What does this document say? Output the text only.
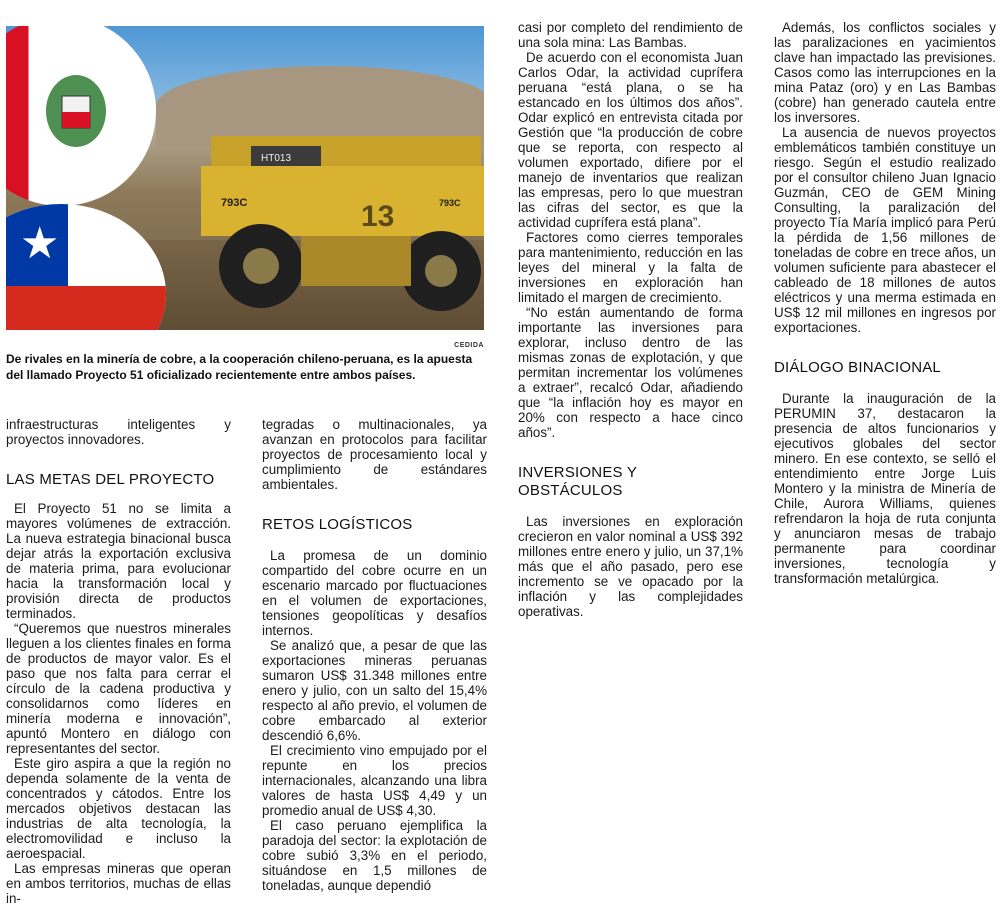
HT013
793C	793C
13
★
CEDIDA
De rivales en la minería de cobre, a la cooperación chileno-peruana, es la apuesta del llamado Proyecto 51 oficializado recientemente entre ambos países.

infraestructuras inteligentes y proyectos innovadores.

LAS METAS DEL PROYECTO

El Proyecto 51 no se limita a mayores volúmenes de extracción. La nueva estrategia binacional busca dejar atrás la exportación exclusiva de materia prima, para evolucionar hacia la transformación local y provisión directa de productos terminados.

“Queremos que nuestros minerales lleguen a los clientes finales en forma de productos de mayor valor. Es el paso que nos falta para cerrar el círculo de la cadena productiva y consolidarnos como líderes en minería moderna e innovación”, apuntó Montero en diálogo con representantes del sector.

Este giro aspira a que la región no dependa solamente de la venta de concentrados y cátodos. Entre los mercados objetivos destacan las industrias de alta tecnología, la electromovilidad e incluso la aeroespacial.

Las empresas mineras que operan en ambos territorios, muchas de ellas in-

tegradas o multinacionales, ya avanzan en protocolos para facilitar proyectos de procesamiento local y cumplimiento de estándares ambientales.

RETOS LOGÍSTICOS

La promesa de un dominio compartido del cobre ocurre en un escenario marcado por fluctuaciones en el volumen de exportaciones, tensiones geopolíticas y desafíos internos.

Se analizó que, a pesar de que las exportaciones mineras peruanas sumaron US$ 31.348 millones entre enero y julio, con un salto del 15,4% respecto al año previo, el volumen de cobre embarcado al exterior descendió 6,6%.

El crecimiento vino empujado por el repunte en los precios internacionales, alcanzando una libra valores de hasta US$ 4,49 y un promedio anual de US$ 4,30.

El caso peruano ejemplifica la paradoja del sector: la explotación de cobre subió 3,3% en el periodo, situándose en 1,5 millones de toneladas, aunque dependió

casi por completo del rendimiento de una sola mina: Las Bambas.

De acuerdo con el economista Juan Carlos Odar, la actividad cuprífera peruana “está plana, o se ha estancado en los últimos dos años”. Odar explicó en entrevista citada por Gestión que “la producción de cobre que se reporta, con respecto al volumen exportado, difiere por el manejo de inventarios que realizan las empresas, pero lo que muestran las cifras del sector, es que la actividad cuprífera está plana”.

Factores como cierres temporales para mantenimiento, reducción en las leyes del mineral y la falta de inversiones en exploración han limitado el margen de crecimiento.

“No están aumentando de forma importante las inversiones para explorar, incluso dentro de las mismas zonas de explotación, y que permitan incrementar los volúmenes a extraer”, recalcó Odar, añadiendo que “la inflación hoy es mayor en 20% con respecto a hace cinco años”.

INVERSIONES Y OBSTÁCULOS

Las inversiones en exploración crecieron en valor nominal a US$ 392 millones entre enero y julio, un 37,1% más que el año pasado, pero ese incremento se ve opacado por la inflación y las complejidades operativas.

Además, los conflictos sociales y las paralizaciones en yacimientos clave han impactado las previsiones. Casos como las interrupciones en la mina Pataz (oro) y en Las Bambas (cobre) han generado cautela entre los inversores.

La ausencia de nuevos proyectos emblemáticos también constituye un riesgo. Según el estudio realizado por el consultor chileno Juan Ignacio Guzmán, CEO de GEM Mining Consulting, la paralización del proyecto Tía María implicó para Perú la pérdida de 1,56 millones de toneladas de cobre en trece años, un volumen suficiente para abastecer el cableado de 18 millones de autos eléctricos y una merma estimada en US$ 12 mil millones en ingresos por exportaciones.

DIÁLOGO BINACIONAL

Durante la inauguración de la PERUMIN 37, destacaron la presencia de altos funcionarios y ejecutivos globales del sector minero. En ese contexto, se selló el entendimiento entre Jorge Luis Montero y la ministra de Minería de Chile, Aurora Williams, quienes refrendaron la hoja de ruta conjunta y anunciaron mesas de trabajo permanente para coordinar inversiones, tecnología y transformación metalúrgica.
